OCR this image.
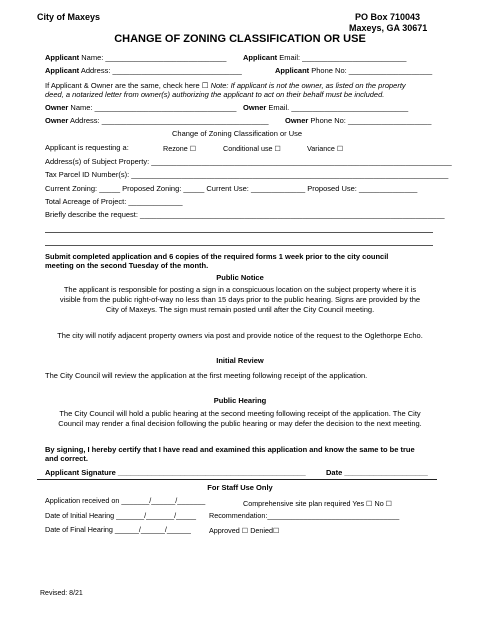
City of Maxeys	PO Box 710043
Maxeys, GA 30671
CHANGE OF ZONING CLASSIFICATION OR USE
Applicant Name: _____________________________ Applicant Email: _________________________
Applicant Address: _______________________________	Applicant Phone No: ____________________
If Applicant & Owner are the same, check here ☐ Note: If applicant is not the owner, as listed on the property
deed, a notarized letter from owner(s) authorizing the applicant to act on their behalf must be included.
Owner Name: __________________________________ Owner Email. ____________________________
Owner Address: ________________________________________ Owner Phone No: ____________________
Change of Zoning Classification or Use
Applicant is requesting a:	Rezone ☐	Conditional use ☐	Variance ☐
Address(s) of Subject Property: ________________________________________________________________________
Tax Parcel ID Number(s): ____________________________________________________________________________
Current Zoning: _____ Proposed Zoning: _____ Current Use: _____________ Proposed Use: ______________
Total Acreage of Project: _____________
Briefly describe the request: _________________________________________________________________________
Submit completed application and 6 copies of the required forms 1 week prior to the city council
meeting on the second Tuesday of the month.
Public Notice
The applicant is responsible for posting a sign in a conspicuous location on the subject property where it is
visible from the public right-of-way no less than 15 days prior to the public hearing. Signs are provided by the
City of Maxeys. The sign must remain posted until after the City Council meeting.
The city will notify adjacent property owners via post and provide notice of the request to the Oglethorpe Echo.
Initial Review
The City Council will review the application at the first meeting following receipt of the application.
Public Hearing
The City Council will hold a public hearing at the second meeting following receipt of the application. The City
Council may render a final decision following the public hearing or may defer the decision to the next meeting.
By signing, I hereby certify that I have read and examined this application and know the same to be true
and correct.
Applicant Signature _____________________________________________	Date ____________________
For Staff Use Only
Application received on _______/______/_______	Comprehensive site plan required Yes ☐ No ☐
Date of Initial Hearing _______/_______/_____ Recommendation:_________________________________
Date of Final Hearing ______/______/______	Approved ☐ Denied☐
Revised: 8/21
